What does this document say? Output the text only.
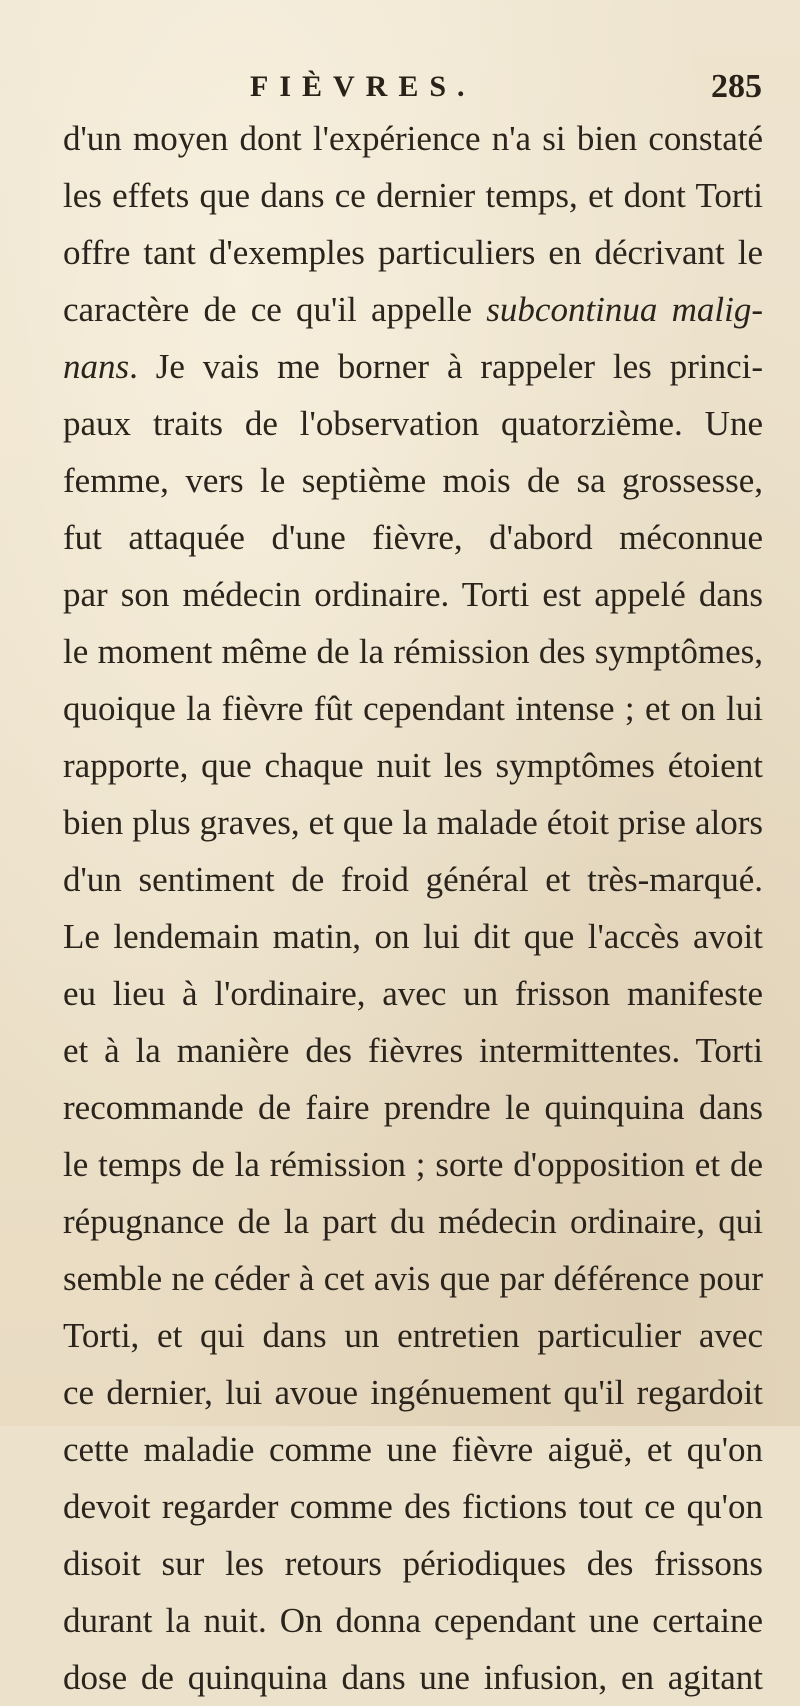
FIÈVRES.	285
d'un moyen dont l'expérience n'a si bien constaté
les effets que dans ce dernier temps, et dont Torti
offre tant d'exemples particuliers en décrivant le
caractère de ce qu'il appelle subcontinua malig-
nans. Je vais me borner à rappeler les princi-
paux traits de l'observation quatorzième. Une
femme, vers le septième mois de sa grossesse,
fut attaquée d'une fièvre, d'abord méconnue
par son médecin ordinaire. Torti est appelé dans
le moment même de la rémission des symptômes,
quoique la fièvre fût cependant intense ; et on lui
rapporte, que chaque nuit les symptômes étoient
bien plus graves, et que la malade étoit prise alors
d'un sentiment de froid général et très-marqué.
Le lendemain matin, on lui dit que l'accès avoit
eu lieu à l'ordinaire, avec un frisson manifeste
et à la manière des fièvres intermittentes. Torti
recommande de faire prendre le quinquina dans
le temps de la rémission ; sorte d'opposition et de
répugnance de la part du médecin ordinaire, qui
semble ne céder à cet avis que par déférence pour
Torti, et qui dans un entretien particulier avec
ce dernier, lui avoue ingénuement qu'il regardoit
cette maladie comme une fièvre aiguë, et qu'on
devoit regarder comme des fictions tout ce qu'on
disoit sur les retours périodiques des frissons
durant la nuit. On donna cependant une certaine
dose de quinquina dans une infusion, en agitant
